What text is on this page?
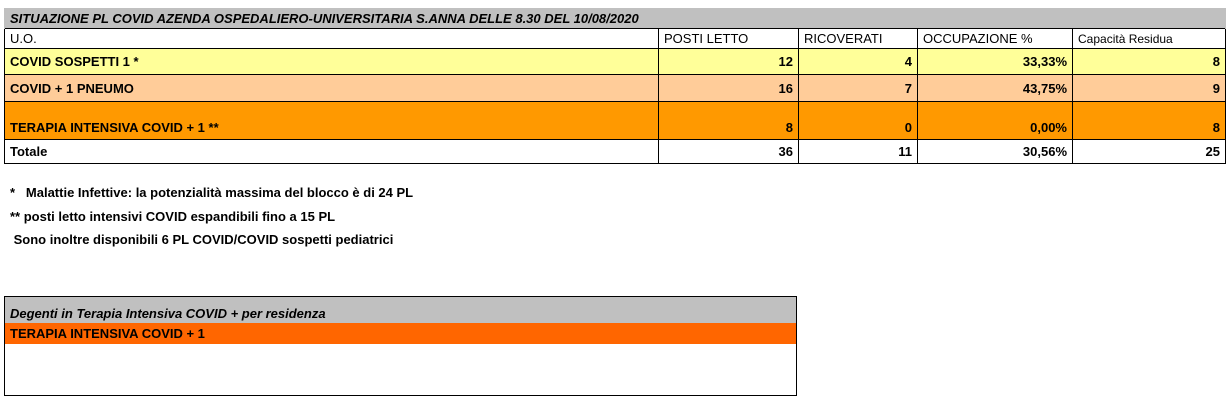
SITUAZIONE PL COVID AZENDA OSPEDALIERO-UNIVERSITARIA S.ANNA DELLE 8.30 DEL 10/08/2020				
U.O.	POSTI LETTO	RICOVERATI	OCCUPAZIONE %	Capacità Residua
COVID SOSPETTI 1 *	12	4	33,33%	8
COVID + 1 PNEUMO	16	7	43,75%	9
TERAPIA INTENSIVA COVID + 1 **	8	0	0,00%	8
Totale	36	11	30,56%	25
*   Malattie Infettive: la potenzialità massima del blocco è di 24 PL
** posti letto intensivi COVID espandibili fino a 15 PL
Sono inoltre disponibili 6 PL COVID/COVID sospetti pediatrici
Degenti in Terapia Intensiva COVID + per residenza
TERAPIA INTENSIVA COVID + 1
